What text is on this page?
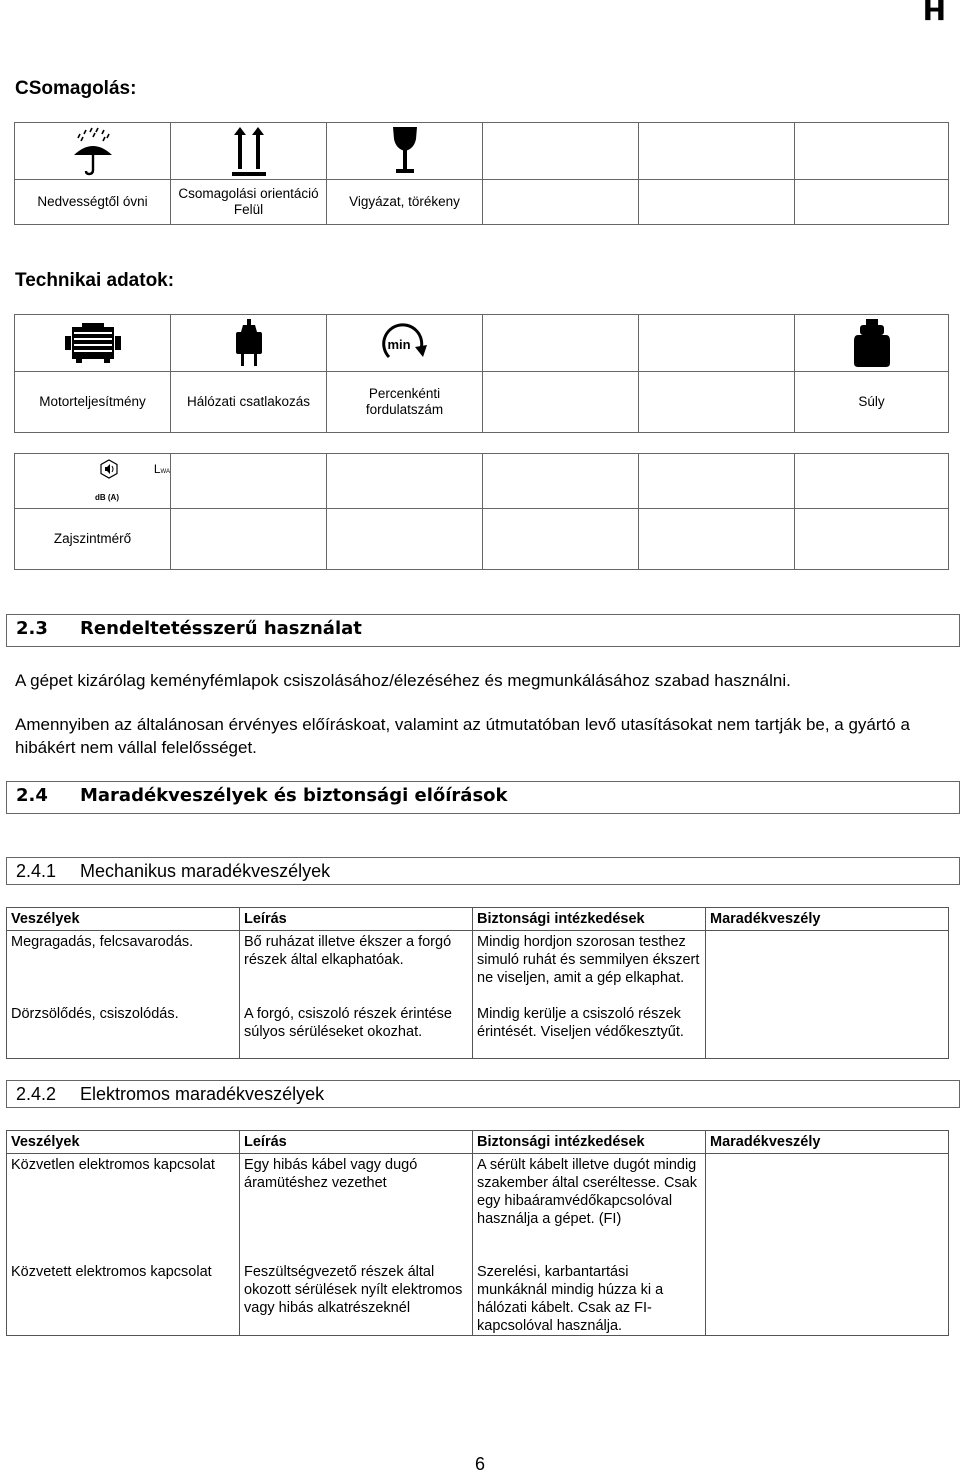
H
CSomagolás:

Nedvességtől óvni	Csomagolási orientáció Felül	Vigyázat, törékeny			
Technikai adatok:

min

Motorteljesítmény	Hálózati csatlakozás	Percenkénti fordulatszám			Súly
L WA
dB (A)					

Zajszintmérő					
2.3 Rendeltetésszerű használat
A gépet kizárólag keményfémlapok csiszolásához/élezéséhez és megmunkálásához szabad használni.
Amennyiben az általánosan érvényes előíráskoat, valamint az útmutatóban levő utasításokat nem tartják be, a gyártó a hibákért nem vállal felelősséget.
2.4 Maradékveszélyek és biztonsági előírások
2.4.1 Mechanikus maradékveszélyek
Veszélyek	Leírás	Biztonsági intézkedések	Maradékveszély
Megragadás, felcsavarodás.	Bő ruházat illetve ékszer a forgó részek által elkaphatóak.	Mindig hordjon szorosan testhez simuló ruhát és semmilyen ékszert ne viseljen, amit a gép elkaphat.	
Dörzsölődés, csiszolódás.	A forgó, csiszoló részek érintése súlyos sérüléseket okozhat.	Mindig kerülje a csiszoló részek érintését. Viseljen védőkesztyűt.	
2.4.2 Elektromos maradékveszélyek
Veszélyek	Leírás	Biztonsági intézkedések	Maradékveszély
Közvetlen elektromos kapcsolat	Egy hibás kábel vagy dugó áramütéshez vezethet	A sérült kábelt illetve dugót mindig szakember által cseréltesse. Csak egy hibaáramvédőkapcsolóval használja a gépet. (FI)	
Közvetett elektromos kapcsolat	Feszültségvezető részek által okozott sérülések nyílt elektromos vagy hibás alkatrészeknél	Szerelési, karbantartási munkáknál mindig húzza ki a hálózati kábelt. Csak az FI-kapcsolóval használja.	
6
